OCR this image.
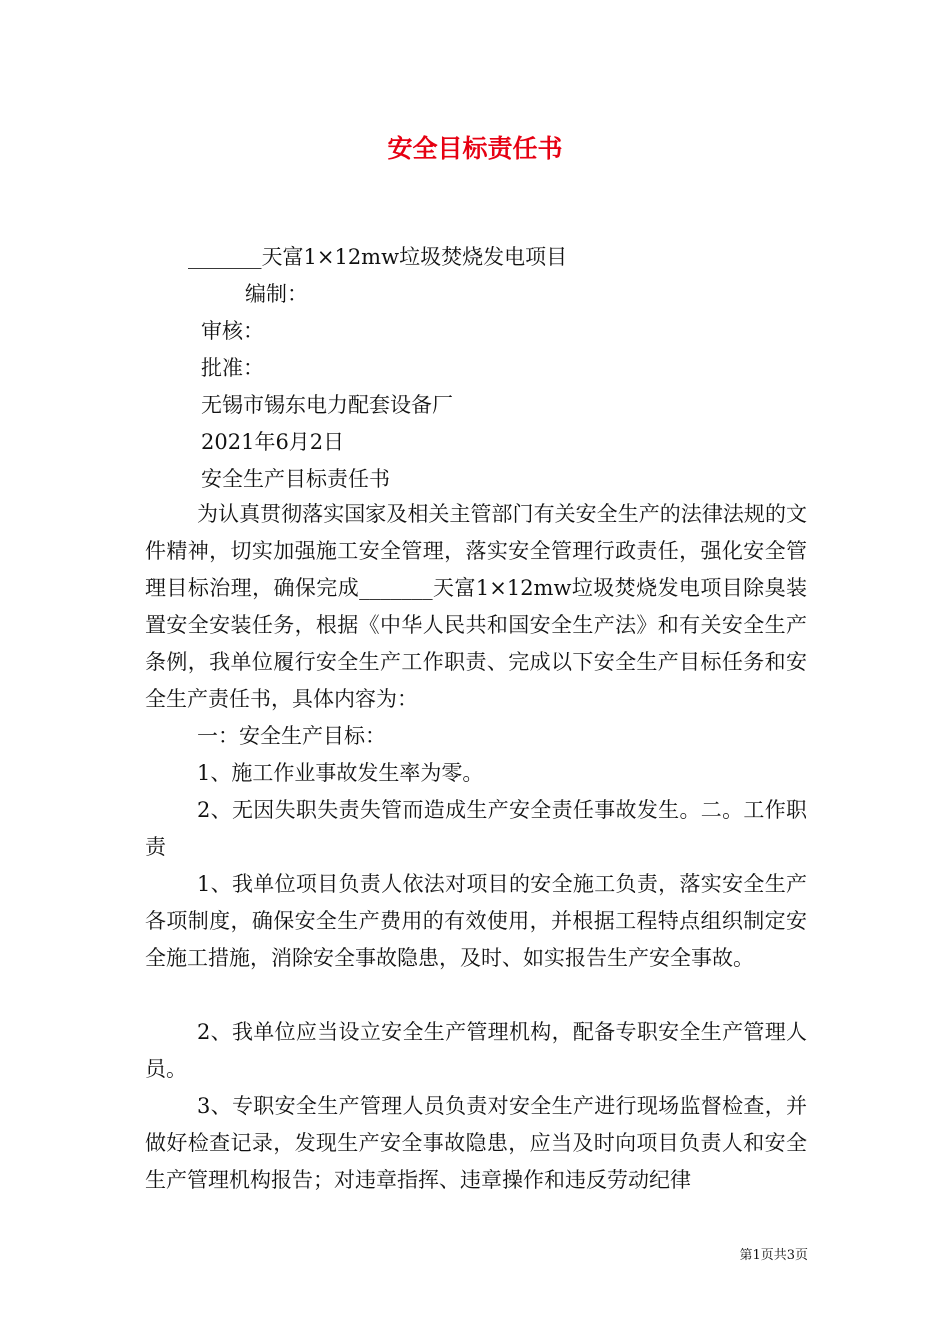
安全目标责任书

_______天富1×12mw垃圾焚烧发电项目

编制：

审核：

批准：

无锡市锡东电力配套设备厂

2021年6月2日

安全生产目标责任书

为认真贯彻落实国家及相关主管部门有关安全生产的法律法规的文件精神，切实加强施工安全管理，落实安全管理行政责任，强化安全管理目标治理，确保完成_______天富1×12mw垃圾焚烧发电项目除臭装置安全安装任务，根据《中华人民共和国安全生产法》和有关安全生产条例，我单位履行安全生产工作职责、完成以下安全生产目标任务和安全生产责任书，具体内容为：

一：安全生产目标：

1、施工作业事故发生率为零。

2、无因失职失责失管而造成生产安全责任事故发生。二。工作职责

1、我单位项目负责人依法对项目的安全施工负责，落实安全生产各项制度，确保安全生产费用的有效使用，并根据工程特点组织制定安全施工措施，消除安全事故隐患，及时、如实报告生产安全事故。

2、我单位应当设立安全生产管理机构，配备专职安全生产管理人员。

3、专职安全生产管理人员负责对安全生产进行现场监督检查，并做好检查记录，发现生产安全事故隐患，应当及时向项目负责人和安全生产管理机构报告；对违章指挥、违章操作和违反劳动纪律

第1页共3页
